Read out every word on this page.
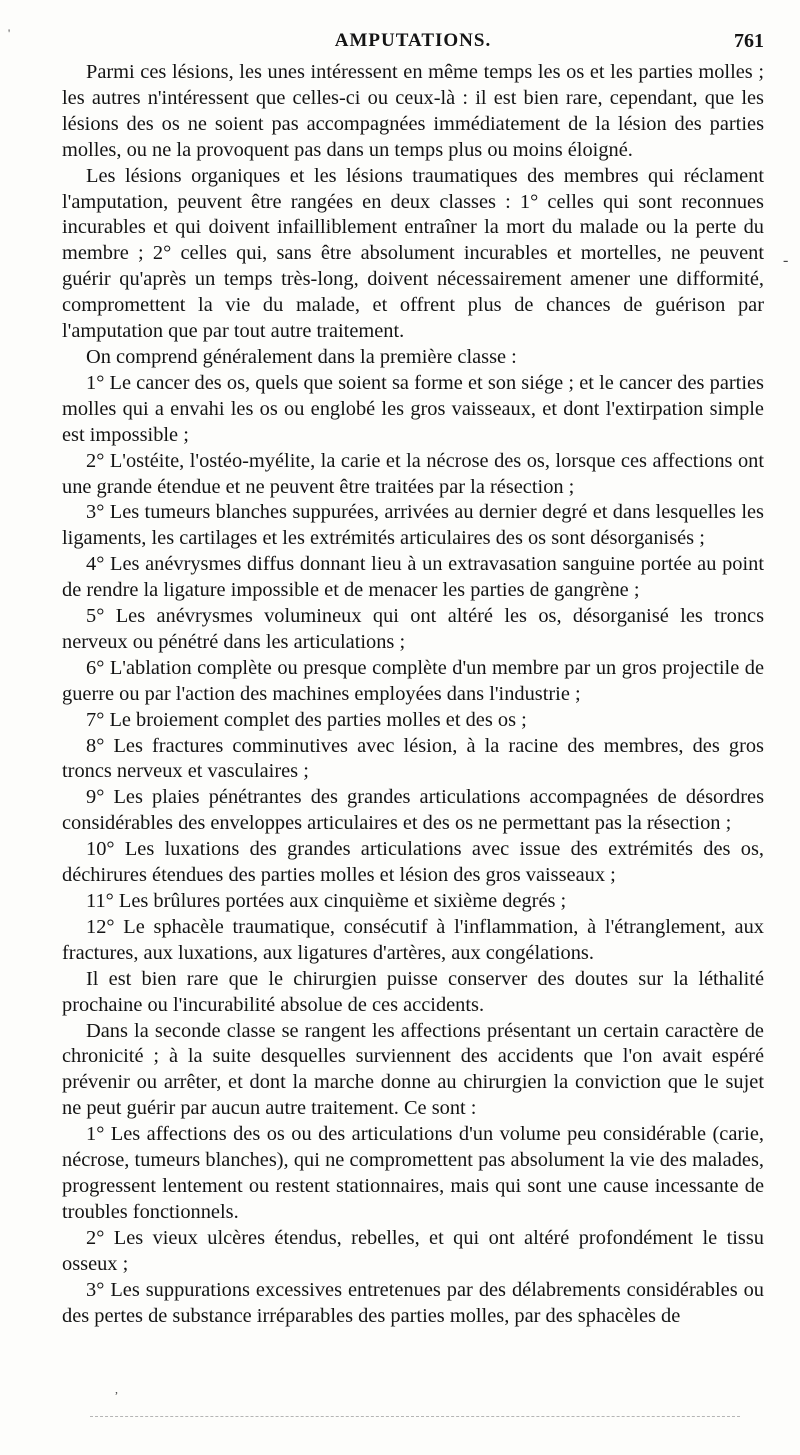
'
-
,
AMPUTATIONS.	761

Parmi ces lésions, les unes intéressent en même temps les os et les parties molles ; les autres n'intéressent que celles-ci ou ceux-là : il est bien rare, cependant, que les lésions des os ne soient pas accompagnées immédiatement de la lésion des parties molles, ou ne la provoquent pas dans un temps plus ou moins éloigné.

Les lésions organiques et les lésions traumatiques des membres qui réclament l'amputation, peuvent être rangées en deux classes : 1° celles qui sont reconnues incurables et qui doivent infailliblement entraîner la mort du malade ou la perte du membre ; 2° celles qui, sans être absolument incurables et mortelles, ne peuvent guérir qu'après un temps très-long, doivent nécessairement amener une difformité, compromettent la vie du malade, et offrent plus de chances de guérison par l'amputation que par tout autre traitement.

On comprend généralement dans la première classe :

1° Le cancer des os, quels que soient sa forme et son siége ; et le cancer des parties molles qui a envahi les os ou englobé les gros vaisseaux, et dont l'extirpation simple est impossible ;

2° L'ostéite, l'ostéo-myélite, la carie et la nécrose des os, lorsque ces affections ont une grande étendue et ne peuvent être traitées par la résection ;

3° Les tumeurs blanches suppurées, arrivées au dernier degré et dans lesquelles les ligaments, les cartilages et les extrémités articulaires des os sont désorganisés ;

4° Les anévrysmes diffus donnant lieu à un extravasation sanguine portée au point de rendre la ligature impossible et de menacer les parties de gangrène ;

5° Les anévrysmes volumineux qui ont altéré les os, désorganisé les troncs nerveux ou pénétré dans les articulations ;

6° L'ablation complète ou presque complète d'un membre par un gros projectile de guerre ou par l'action des machines employées dans l'industrie ;

7° Le broiement complet des parties molles et des os ;

8° Les fractures comminutives avec lésion, à la racine des membres, des gros troncs nerveux et vasculaires ;

9° Les plaies pénétrantes des grandes articulations accompagnées de désordres considérables des enveloppes articulaires et des os ne permettant pas la résection ;

10° Les luxations des grandes articulations avec issue des extrémités des os, déchirures étendues des parties molles et lésion des gros vaisseaux ;

11° Les brûlures portées aux cinquième et sixième degrés ;

12° Le sphacèle traumatique, consécutif à l'inflammation, à l'étranglement, aux fractures, aux luxations, aux ligatures d'artères, aux congélations.

Il est bien rare que le chirurgien puisse conserver des doutes sur la léthalité prochaine ou l'incurabilité absolue de ces accidents.

Dans la seconde classe se rangent les affections présentant un certain caractère de chronicité ; à la suite desquelles surviennent des accidents que l'on avait espéré prévenir ou arrêter, et dont la marche donne au chirurgien la conviction que le sujet ne peut guérir par aucun autre traitement. Ce sont :

1° Les affections des os ou des articulations d'un volume peu considérable (carie, nécrose, tumeurs blanches), qui ne compromettent pas absolument la vie des malades, progressent lentement ou restent stationnaires, mais qui sont une cause incessante de troubles fonctionnels.

2° Les vieux ulcères étendus, rebelles, et qui ont altéré profondément le tissu osseux ;

3° Les suppurations excessives entretenues par des délabrements considérables ou des pertes de substance irréparables des parties molles, par des sphacèles de
